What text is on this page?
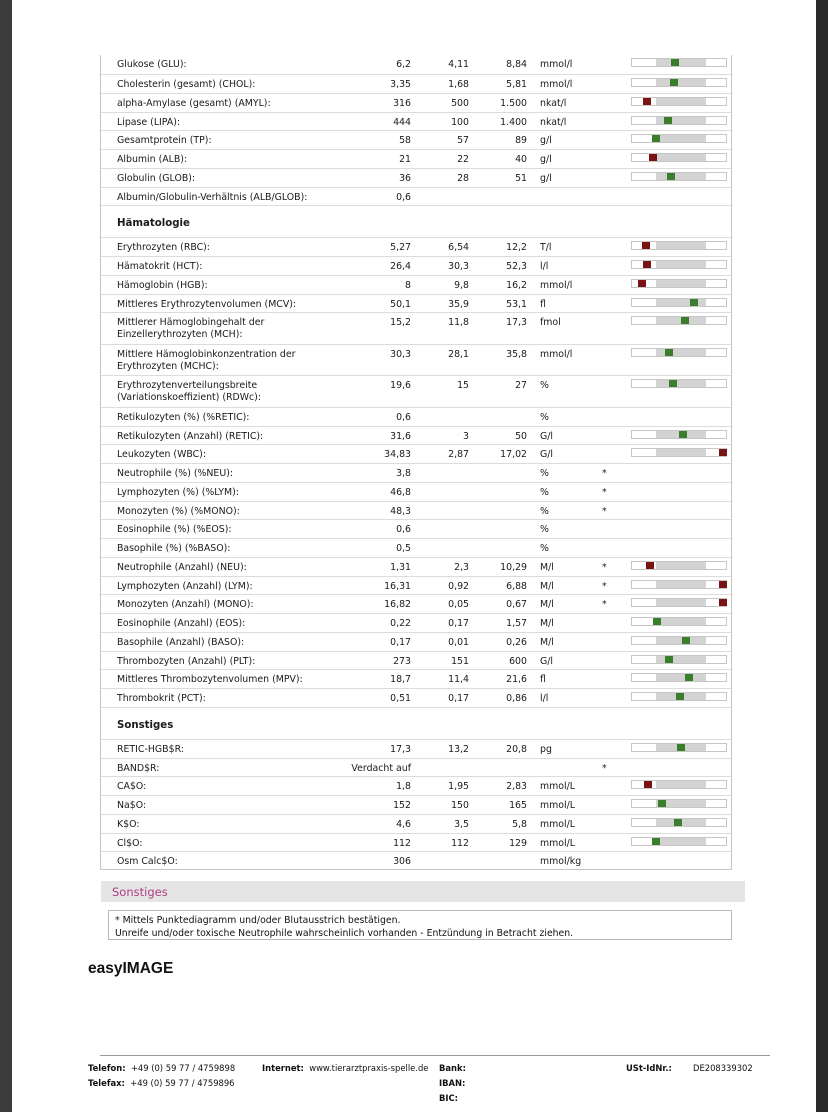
Glukose (GLU):	6,2	4,11	8,84 mmol/l
Cholesterin (gesamt) (CHOL):	3,35	1,68	5,81 mmol/l
alpha-Amylase (gesamt) (AMYL):	316	500	1.500 nkat/l
Lipase (LIPA):	444	100	1.400 nkat/l
Gesamtprotein (TP):	58	57	89 g/l
Albumin (ALB):	21	22	40 g/l
Globulin (GLOB):	36	28	51 g/l
Albumin/Globulin-Verhältnis (ALB/GLOB):	0,6
Hämatologie
Erythrozyten (RBC):	5,27	6,54	12,2 T/l
Hämatokrit (HCT):	26,4	30,3	52,3 l/l
Hämoglobin (HGB):	8	9,8	16,2 mmol/l
Mittleres Erythrozytenvolumen (MCV):	50,1	35,9	53,1 fl
Mittlerer Hämoglobingehalt der Einzellerythrozyten (MCH):
15,2	11,8	17,3 fmol
Mittlere Hämoglobinkonzentration der Erythrozyten (MCHC):
30,3	28,1	35,8 mmol/l
Erythrozytenverteilungsbreite (Variationskoeffizient) (RDWc):
19,6	15	27 %
Retikulozyten (%) (%RETIC):	0,6	%
Retikulozyten (Anzahl) (RETIC):	31,6	3	50 G/l
Leukozyten (WBC):	34,83	2,87	17,02 G/l
Neutrophile (%) (%NEU):	3,8	%	*
Lymphozyten (%) (%LYM):	46,8	%	*
Monozyten (%) (%MONO):	48,3	%	*
Eosinophile (%) (%EOS):	0,6	%
Basophile (%) (%BASO):	0,5	%
Neutrophile (Anzahl) (NEU):	1,31	2,3	10,29 M/l	*
Lymphozyten (Anzahl) (LYM):	16,31	0,92	6,88 M/l	*
Monozyten (Anzahl) (MONO):	16,82	0,05	0,67 M/l	*
Eosinophile (Anzahl) (EOS):	0,22	0,17	1,57 M/l
Basophile (Anzahl) (BASO):	0,17	0,01	0,26 M/l
Thrombozyten (Anzahl) (PLT):	273	151	600 G/l
Mittleres Thrombozytenvolumen (MPV):	18,7	11,4	21,6 fl
Thrombokrit (PCT):	0,51	0,17	0,86 l/l
Sonstiges
RETIC-HGB$R:	17,3	13,2	20,8 pg
BAND$R:	Verdacht auf	*
CA$O:	1,8	1,95	2,83 mmol/L
Na$O:	152	150	165 mmol/L
K$O:	4,6	3,5	5,8 mmol/L
Cl$O:	112	112	129 mmol/L
Osm Calc$O:	306	mmol/kg
Sonstiges
* Mittels Punktediagramm und/oder Blutausstrich bestätigen.
Unreife und/oder toxische Neutrophile wahrscheinlich vorhanden - Entzündung in Betracht ziehen.
easyIMAGE
Telefon: +49 (0) 59 77 / 4759898
Telefax: +49 (0) 59 77 / 4759896
Internet: www.tierarztpraxis-spelle.de Bank:
IBAN:
BIC:
USt-IdNr.:	DE208339302
